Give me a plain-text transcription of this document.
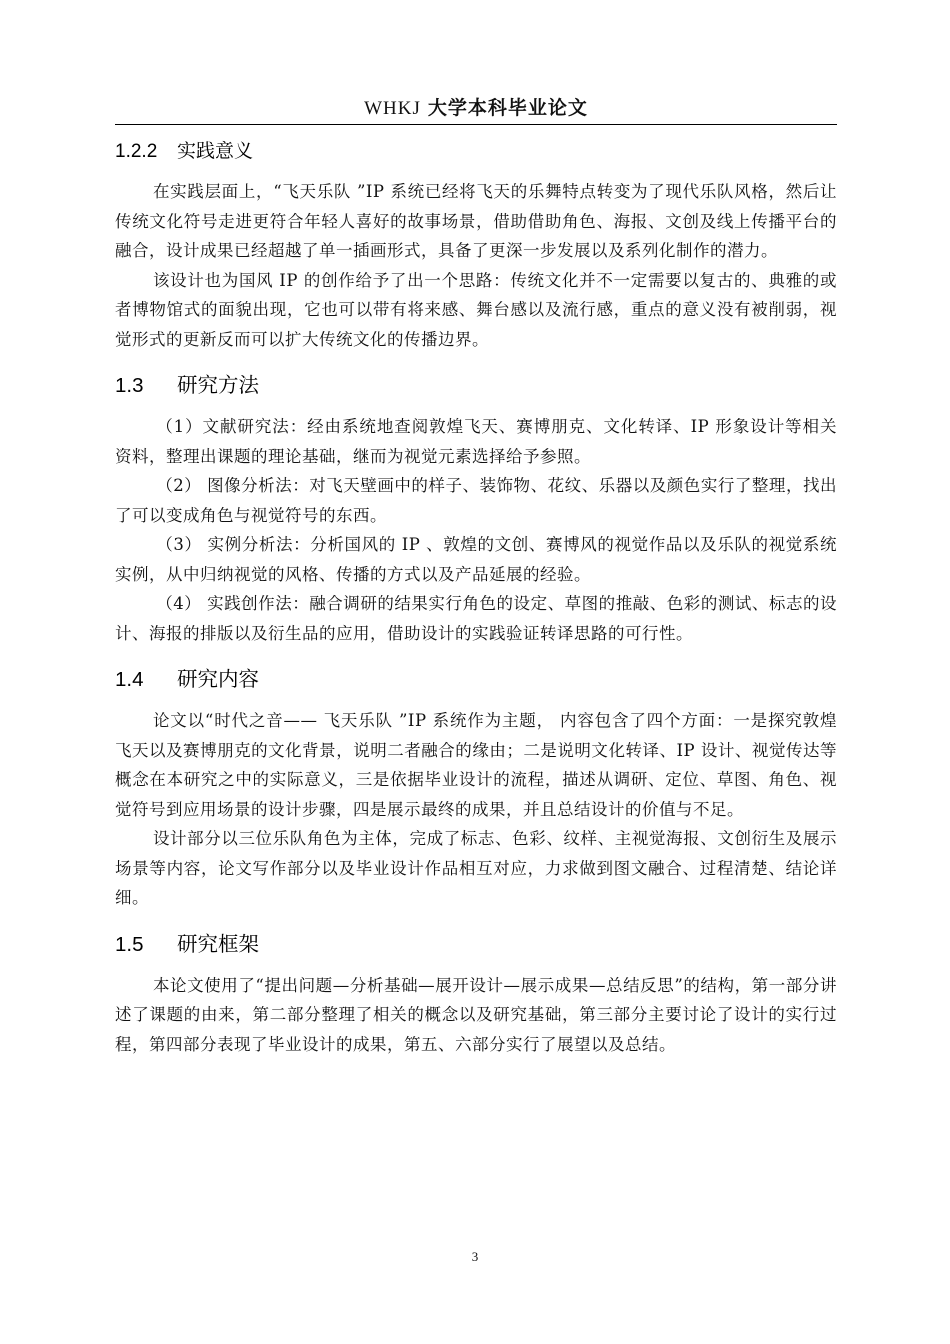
WHKJ 大学本科毕业论文
1.2.2	实践意义

在实践层面上，“飞天乐队 ”IP 系统已经将飞天的乐舞特点转变为了现代乐队风格，然后让传统文化符号走进更符合年轻人喜好的故事场景，借助借助角色、海报、文创及线上传播平台的融合，设计成果已经超越了单一插画形式，具备了更深一步发展以及系列化制作的潜力。

该设计也为国风 IP 的创作给予了出一个思路：传统文化并不一定需要以复古的、典雅的或者博物馆式的面貌出现，它也可以带有将来感、舞台感以及流行感，重点的意义没有被削弱，视觉形式的更新反而可以扩大传统文化的传播边界。

1.3	研究方法

（1）文献研究法：经由系统地查阅敦煌飞天、赛博朋克、文化转译、IP 形象设计等相关资料，整理出课题的理论基础，继而为视觉元素选择给予参照。

（2） 图像分析法：对飞天壁画中的样子、装饰物、花纹、乐器以及颜色实行了整理，找出了可以变成角色与视觉符号的东西。

（3） 实例分析法：分析国风的 IP 、敦煌的文创、赛博风的视觉作品以及乐队的视觉系统实例，从中归纳视觉的风格、传播的方式以及产品延展的经验。

（4） 实践创作法：融合调研的结果实行角色的设定、草图的推敲、色彩的测试、标志的设计、海报的排版以及衍生品的应用，借助设计的实践验证转译思路的可行性。

1.4	研究内容

论文以“时代之音—— 飞天乐队 ”IP 系统作为主题， 内容包含了四个方面：一是探究敦煌飞天以及赛博朋克的文化背景，说明二者融合的缘由；二是说明文化转译、IP 设计、视觉传达等概念在本研究之中的实际意义，三是依据毕业设计的流程，描述从调研、定位、草图、角色、视觉符号到应用场景的设计步骤，四是展示最终的成果，并且总结设计的价值与不足。

设计部分以三位乐队角色为主体，完成了标志、色彩、纹样、主视觉海报、文创衍生及展示场景等内容，论文写作部分以及毕业设计作品相互对应，力求做到图文融合、过程清楚、结论详细。

1.5	研究框架

本论文使用了“提出问题—分析基础—展开设计—展示成果—总结反思”的结构，第一部分讲述了课题的由来，第二部分整理了相关的概念以及研究基础，第三部分主要讨论了设计的实行过程，第四部分表现了毕业设计的成果，第五、六部分实行了展望以及总结。

3
